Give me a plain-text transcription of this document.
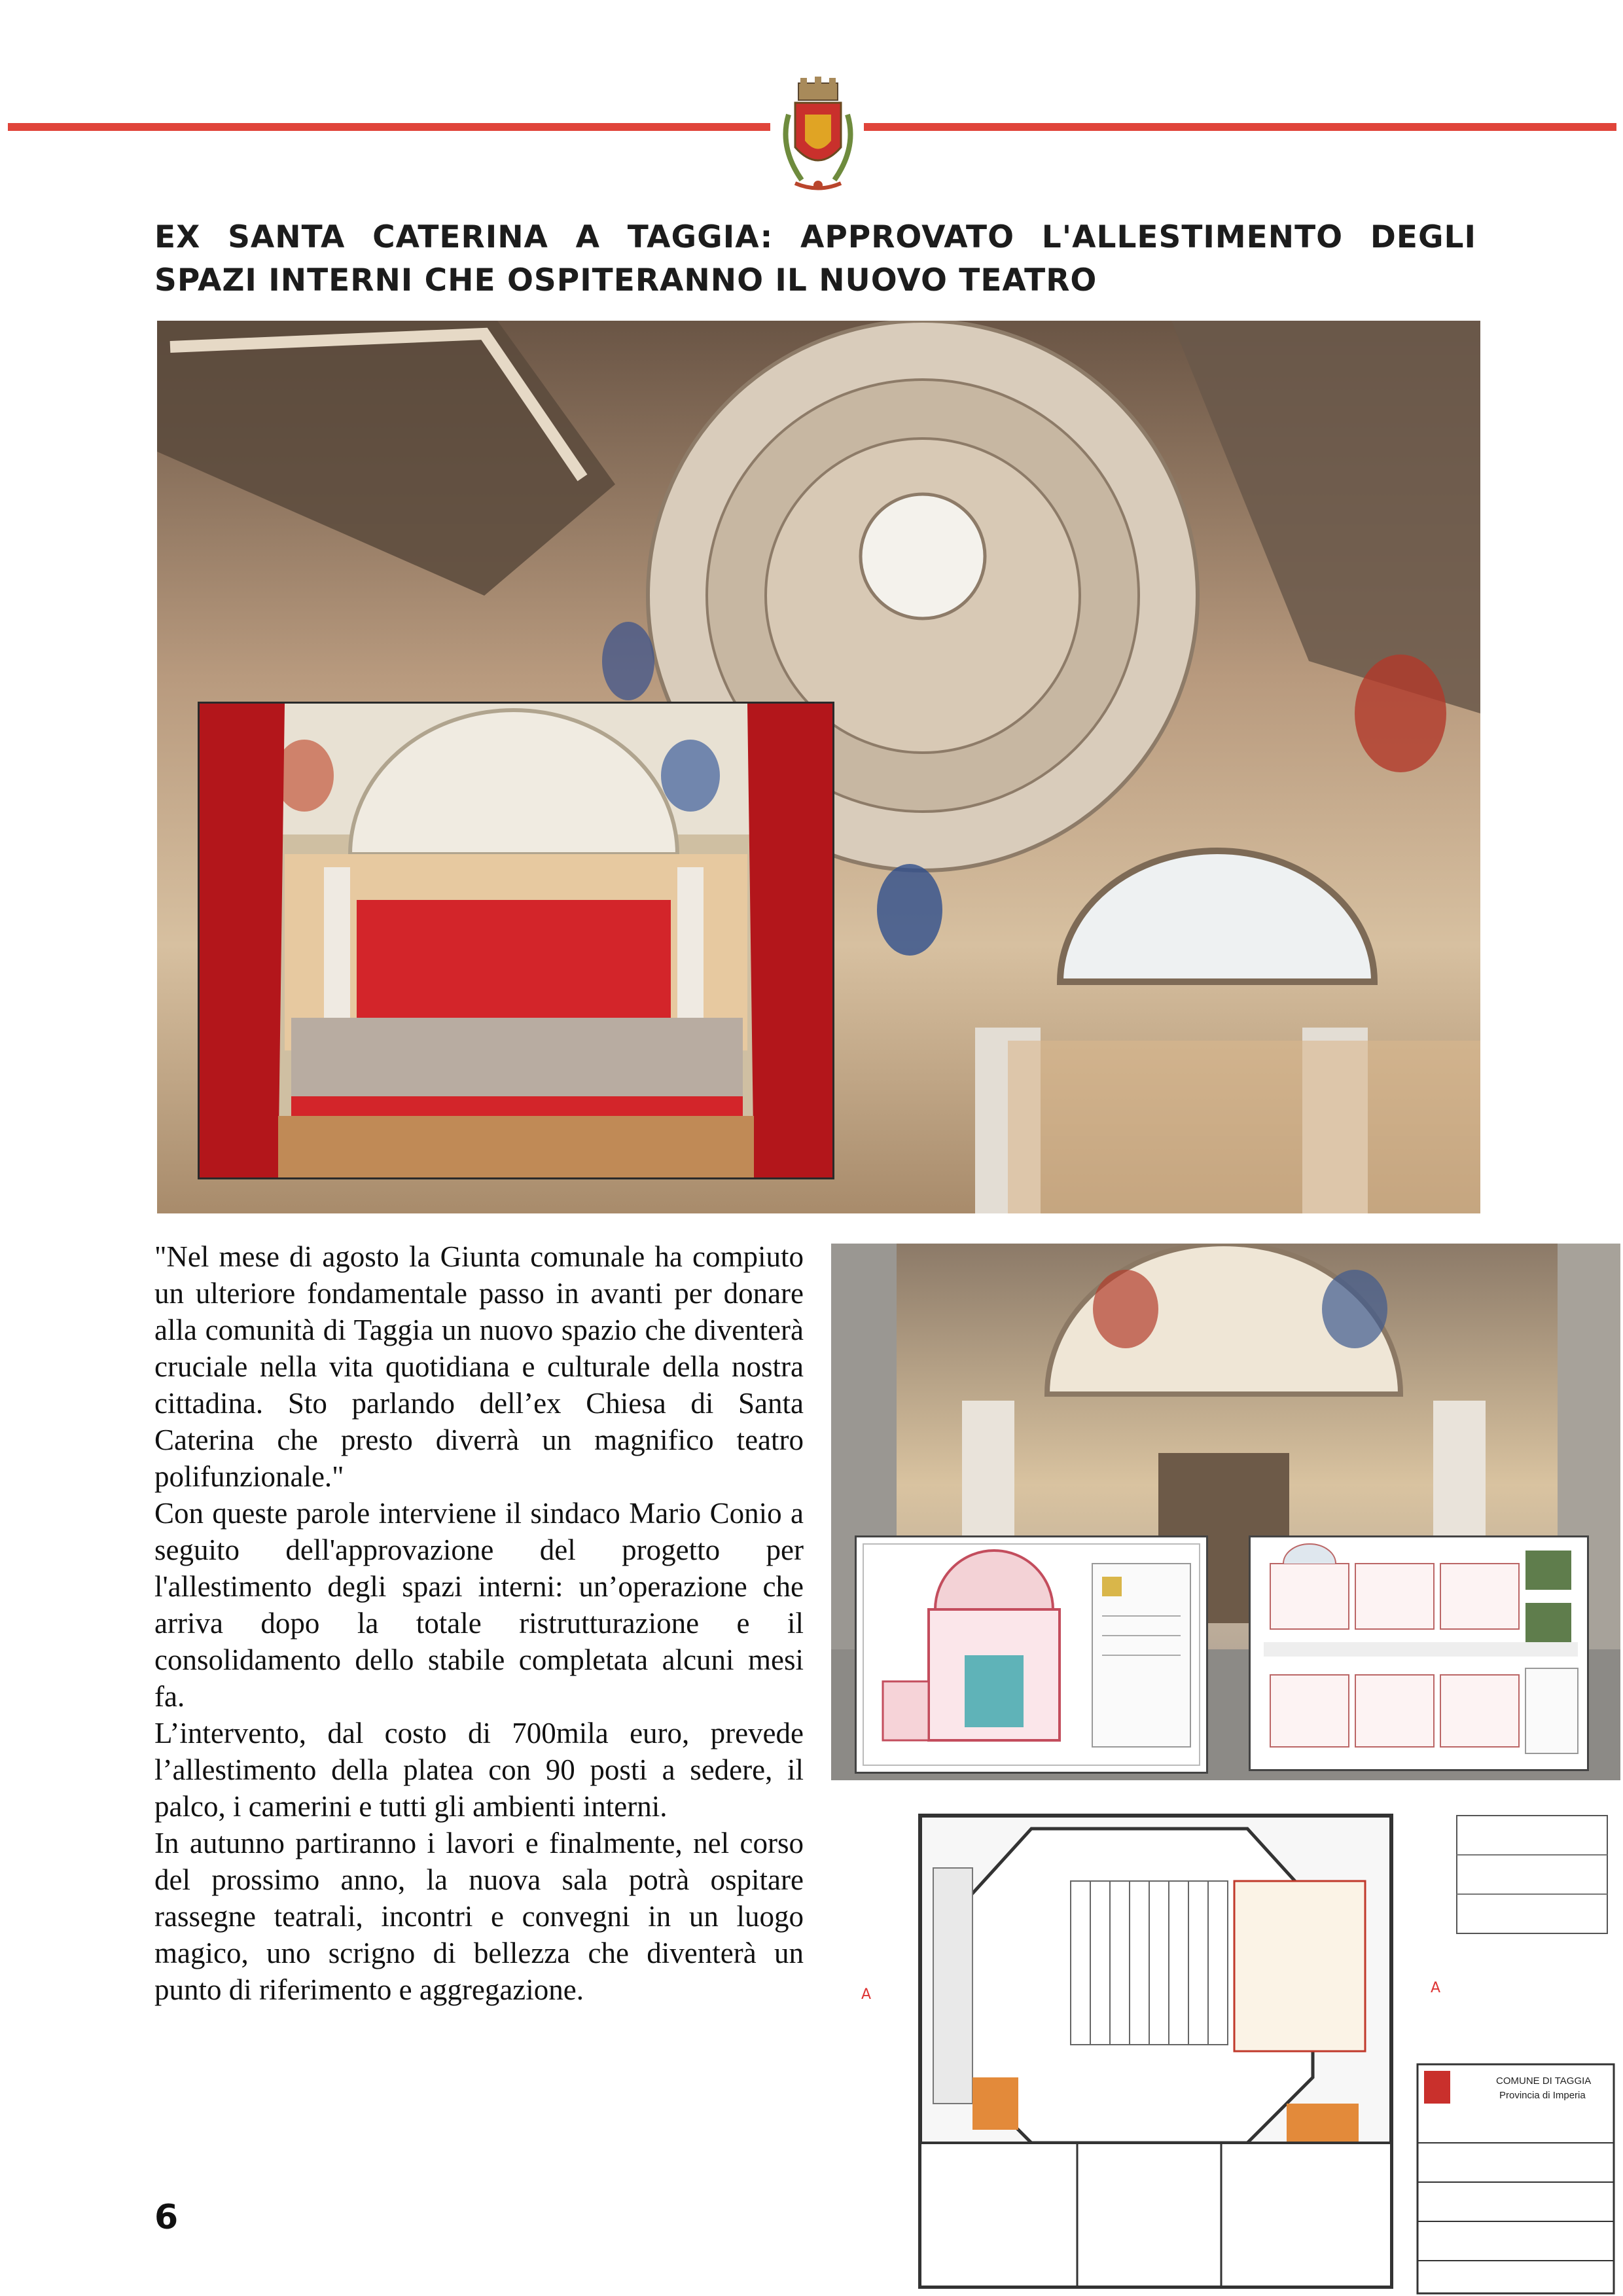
EX SANTA CATERINA A TAGGIA: APPROVATO L'ALLESTIMENTO DEGLI SPAZI INTERNI CHE OSPITERANNO IL NUOVO TEATRO
A	A
COMUNE DI TAGGIA
Provincia di Imperia

"Nel mese di agosto la Giunta comunale ha compiuto un ulteriore fondamentale passo in avanti per donare alla comunità di Taggia un nuovo spazio che diventerà cruciale nella vita quotidiana e culturale della nostra cittadina. Sto parlando dell’ex Chiesa di Santa Caterina che presto diverrà un magnifico teatro polifunzionale."

Con queste parole interviene il sindaco Mario Conio a seguito dell'approvazione del progetto per l'allestimento degli spazi interni: un’operazione che arriva dopo la totale ristrutturazione e il consolidamento dello stabile completata alcuni mesi fa.

L’intervento, dal costo di 700mila euro, prevede l’allestimento della platea con 90 posti a sedere, il palco, i camerini e tutti gli ambienti interni.

In autunno partiranno i lavori e finalmente, nel corso del prossimo anno, la nuova sala potrà ospitare rassegne teatrali, incontri e convegni in un luogo magico, uno scrigno di bellezza che diventerà un punto di riferimento e aggregazione.

6
